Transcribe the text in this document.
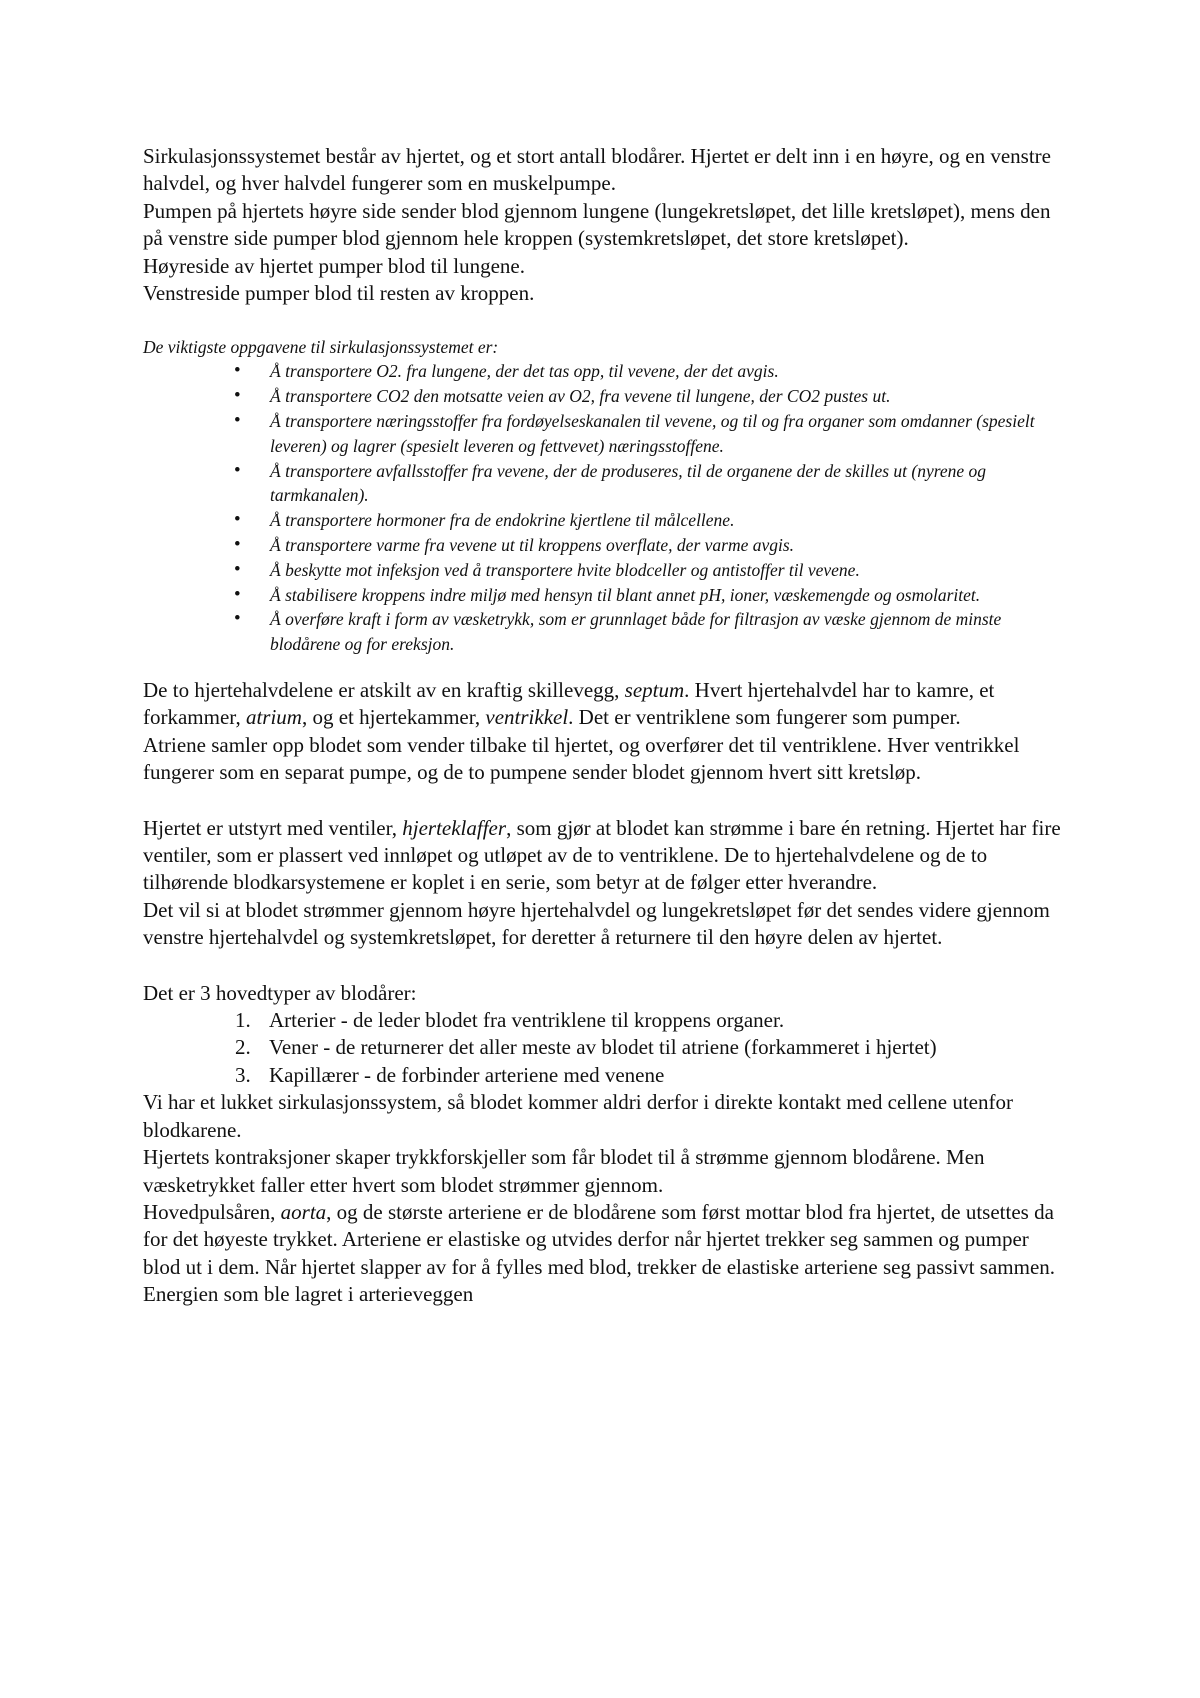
Sirkulasjonssystemet består av hjertet, og et stort antall blodårer. Hjertet er delt inn i en høyre, og en venstre halvdel, og hver halvdel fungerer som en muskelpumpe.

Pumpen på hjertets høyre side sender blod gjennom lungene (lungekretsløpet, det lille kretsløpet), mens den på venstre side pumper blod gjennom hele kroppen (systemkretsløpet, det store kretsløpet).

Høyreside av hjertet pumper blod til lungene.

Venstreside pumper blod til resten av kroppen.

De viktigste oppgavene til sirkulasjonssystemet er:

• Å transportere O2. fra lungene, der det tas opp, til vevene, der det avgis.
• Å transportere CO2 den motsatte veien av O2, fra vevene til lungene, der CO2 pustes ut.
• Å transportere næringsstoffer fra fordøyelseskanalen til vevene, og til og fra organer som omdanner (spesielt leveren) og lagrer (spesielt leveren og fettvevet) næringsstoffene.
• Å transportere avfallsstoffer fra vevene, der de produseres, til de organene der de skilles ut (nyrene og tarmkanalen).
• Å transportere hormoner fra de endokrine kjertlene til målcellene.
• Å transportere varme fra vevene ut til kroppens overflate, der varme avgis.
• Å beskytte mot infeksjon ved å transportere hvite blodceller og antistoffer til vevene.
• Å stabilisere kroppens indre miljø med hensyn til blant annet pH, ioner, væskemengde og osmolaritet.
• Å overføre kraft i form av væsketrykk, som er grunnlaget både for filtrasjon av væske gjennom de minste blodårene og for ereksjon.

De to hjertehalvdelene er atskilt av en kraftig skillevegg, septum. Hvert hjertehalvdel har to kamre, et forkammer, atrium, og et hjertekammer, ventrikkel. Det er ventriklene som fungerer som pumper.

Atriene samler opp blodet som vender tilbake til hjertet, og overfører det til ventriklene. Hver ventrikkel fungerer som en separat pumpe, og de to pumpene sender blodet gjennom hvert sitt kretsløp.

Hjertet er utstyrt med ventiler, hjerteklaffer, som gjør at blodet kan strømme i bare én retning. Hjertet har fire ventiler, som er plassert ved innløpet og utløpet av de to ventriklene. De to hjertehalvdelene og de to tilhørende blodkarsystemene er koplet i en serie, som betyr at de følger etter hverandre.

Det vil si at blodet strømmer gjennom høyre hjertehalvdel og lungekretsløpet før det sendes videre gjennom venstre hjertehalvdel og systemkretsløpet, for deretter å returnere til den høyre delen av hjertet.

Det er 3 hovedtyper av blodårer:

1. Arterier - de leder blodet fra ventriklene til kroppens organer.
2. Vener - de returnerer det aller meste av blodet til atriene (forkammeret i hjertet)
3. Kapillærer - de forbinder arteriene med venene

Vi har et lukket sirkulasjonssystem, så blodet kommer aldri derfor i direkte kontakt med cellene utenfor blodkarene.

Hjertets kontraksjoner skaper trykkforskjeller som får blodet til å strømme gjennom blodårene. Men væsketrykket faller etter hvert som blodet strømmer gjennom.

Hovedpulsåren, aorta, og de største arteriene er de blodårene som først mottar blod fra hjertet, de utsettes da for det høyeste trykket. Arteriene er elastiske og utvides derfor når hjertet trekker seg sammen og pumper blod ut i dem. Når hjertet slapper av for å fylles med blod, trekker de elastiske arteriene seg passivt sammen. Energien som ble lagret i arterieveggen
